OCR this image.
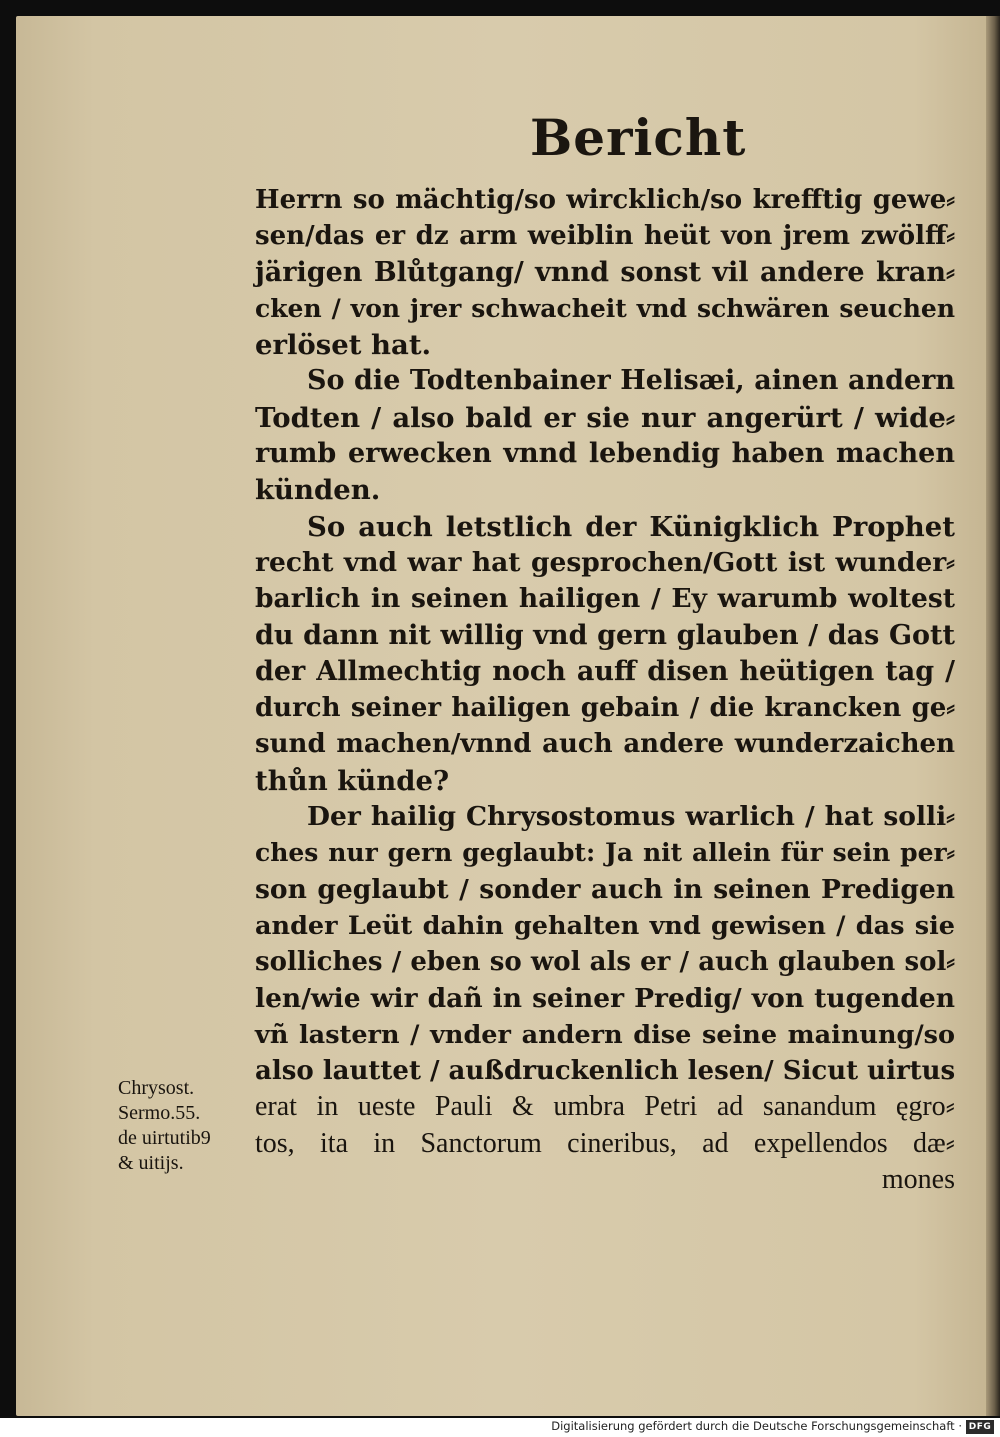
Bericht
Herrn so mächtig/so wircklich/so krefftig gewe⸗
sen/das er dz arm weiblin heüt von jrem zwölff⸗
järigen Blůtgang/ vnnd sonst vil andere kran⸗
cken / von jrer schwacheit vnd schwären seuchen
erlöset hat.
So die Todtenbainer Helisæi, ainen andern
Todten / also bald er sie nur angerürt / wide⸗
rumb erwecken vnnd lebendig haben machen
künden.
So auch letstlich der Künigklich Prophet
recht vnd war hat gesprochen/Gott ist wunder⸗
barlich in seinen hailigen / Ey warumb woltest
du dann nit willig vnd gern glauben / das Gott
der Allmechtig noch auff disen heütigen tag /
durch seiner hailigen gebain / die krancken ge⸗
sund machen/vnnd auch andere wunderzaichen
thůn künde?
Der hailig Chrysostomus warlich / hat solli⸗
ches nur gern geglaubt: Ja nit allein für sein per⸗
son geglaubt / sonder auch in seinen Predigen
ander Leüt dahin gehalten vnd gewisen / das sie
solliches / eben so wol als er / auch glauben sol⸗
len/wie wir dañ in seiner Predig/ von tugenden
vñ lastern / vnder andern dise seine mainung/so
also lauttet / außdruckenlich lesen/ Sicut uirtus
erat in ueste Pauli & umbra Petri ad sanandum ęgro⸗
tos, ita in Sanctorum cineribus, ad expellendos dæ⸗
mones
Chrysost.
Sermo.55.
de uirtutib9
& uitijs.
Digitalisierung gefördert durch die Deutsche Forschungsgemeinschaft · DFG
